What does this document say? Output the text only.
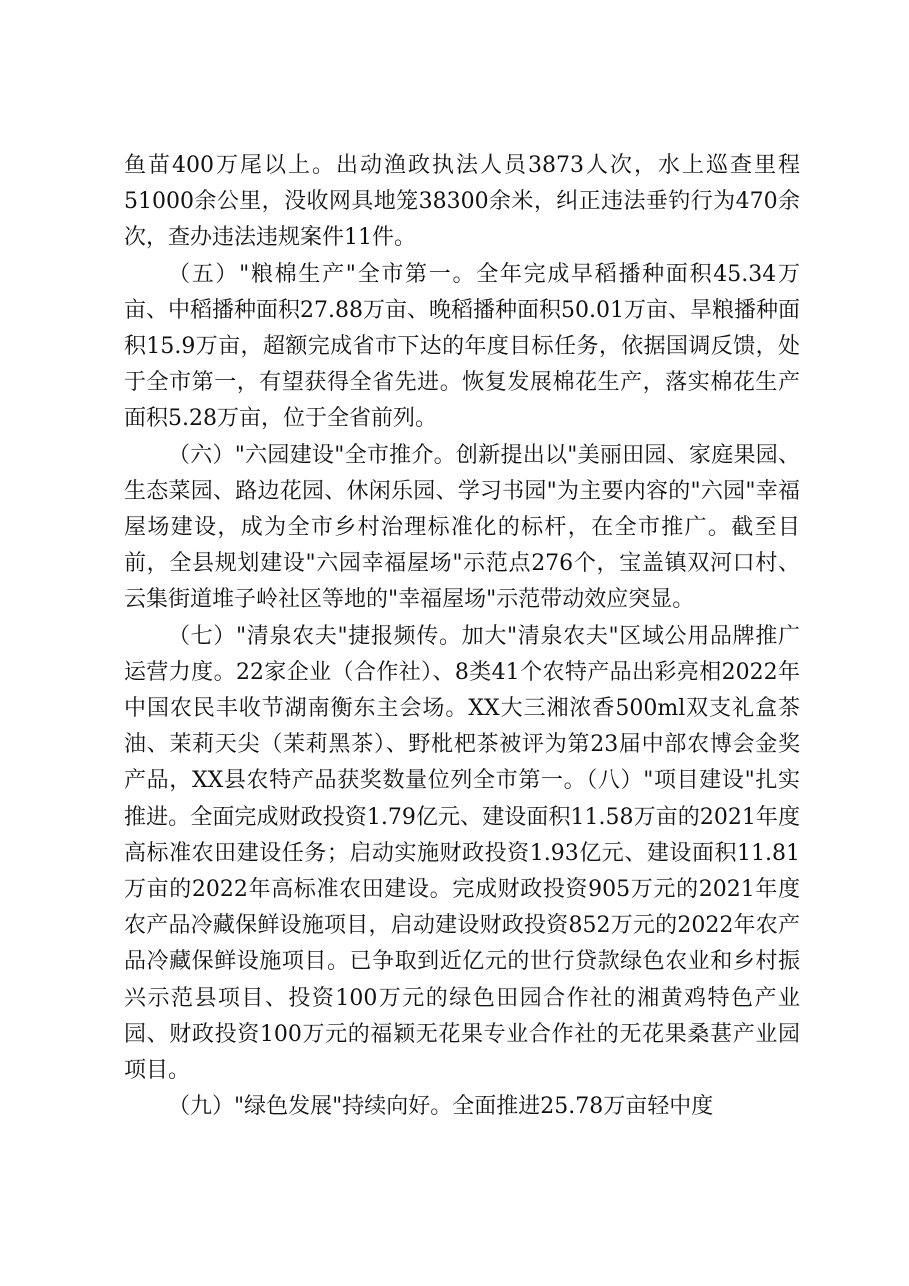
鱼苗400万尾以上。出动渔政执法人员3873人次，水上巡查里程51000余公里，没收网具地笼38300余米，纠正违法垂钓行为470余次，查办违法违规案件11件。

（五）"粮棉生产"全市第一。全年完成早稻播种面积45.34万亩、中稻播种面积27.88万亩、晚稻播种面积50.01万亩、旱粮播种面积15.9万亩，超额完成省市下达的年度目标任务，依据国调反馈，处于全市第一，有望获得全省先进。恢复发展棉花生产，落实棉花生产面积5.28万亩，位于全省前列。

（六）"六园建设"全市推介。创新提出以"美丽田园、家庭果园、生态菜园、路边花园、休闲乐园、学习书园"为主要内容的"六园"幸福屋场建设，成为全市乡村治理标准化的标杆，在全市推广。截至目前，全县规划建设"六园幸福屋场"示范点276个，宝盖镇双河口村、云集街道堆子岭社区等地的"幸福屋场"示范带动效应突显。

（七）"清泉农夫"捷报频传。加大"清泉农夫"区域公用品牌推广运营力度。22家企业（合作社）、8类41个农特产品出彩亮相2022年中国农民丰收节湖南衡东主会场。XX大三湘浓香500ml双支礼盒茶油、茉莉天尖（茉莉黑茶）、野枇杷茶被评为第23届中部农博会金奖产品，XX县农特产品获奖数量位列全市第一。（八）"项目建设"扎实推进。全面完成财政投资1.79亿元、建设面积11.58万亩的2021年度高标准农田建设任务；启动实施财政投资1.93亿元、建设面积11.81万亩的2022年高标准农田建设。完成财政投资905万元的2021年度农产品冷藏保鲜设施项目，启动建设财政投资852万元的2022年农产品冷藏保鲜设施项目。已争取到近亿元的世行贷款绿色农业和乡村振兴示范县项目、投资100万元的绿色田园合作社的湘黄鸡特色产业园、财政投资100万元的福颖无花果专业合作社的无花果桑葚产业园项目。

（九）"绿色发展"持续向好。全面推进25.78万亩轻中度
